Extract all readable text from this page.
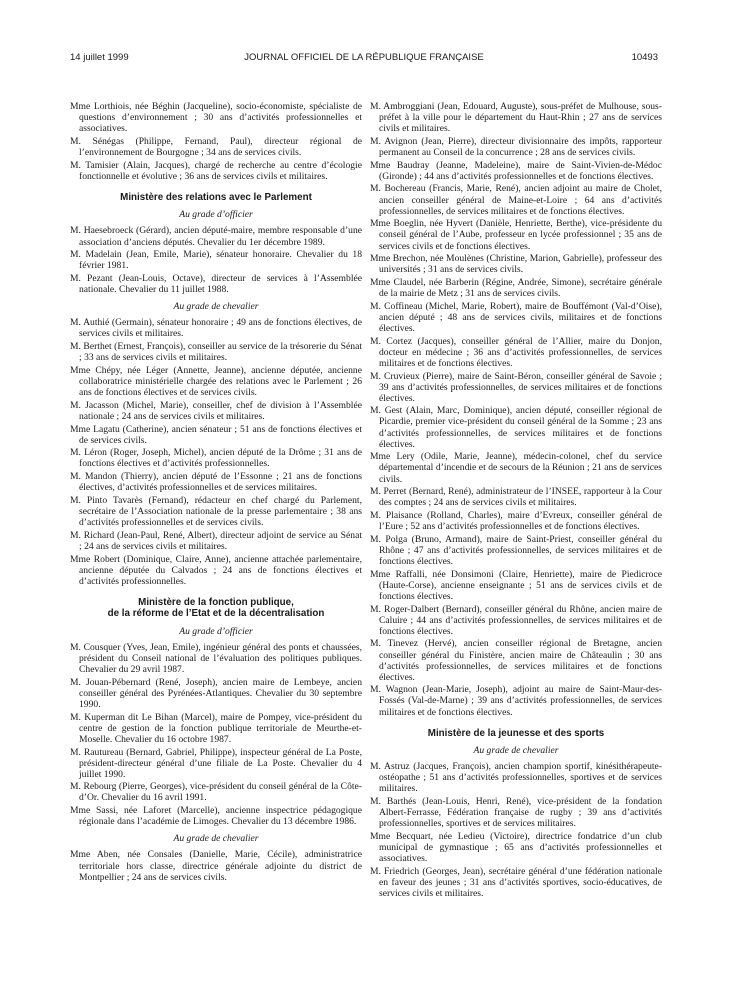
14 juillet 1999	JOURNAL OFFICIEL DE LA RÉPUBLIQUE FRANÇAISE	10493

Mme Lorthiois, née Béghin (Jacqueline), socio-économiste, spécialiste de questions d’environnement ; 30 ans d’activités professionnelles et associatives.

M. Sénégas (Philippe, Fernand, Paul), directeur régional de l’environnement de Bourgogne ; 34 ans de services civils.

M. Tamisier (Alain, Jacques), chargé de recherche au centre d’écologie fonctionnelle et évolutive ; 36 ans de services civils et militaires.

Ministère des relations avec le Parlement
Au grade d’officier

M. Haesebroeck (Gérard), ancien député-maire, membre responsable d’une association d’anciens députés. Chevalier du 1er décembre 1989.

M. Madelain (Jean, Emile, Marie), sénateur honoraire. Chevalier du 18 février 1981.

M. Pezant (Jean-Louis, Octave), directeur de services à l’Assemblée nationale. Chevalier du 11 juillet 1988.

Au grade de chevalier

M. Authié (Germain), sénateur honoraire ; 49 ans de fonctions électives, de services civils et militaires.

M. Berthet (Ernest, François), conseiller au service de la trésorerie du Sénat ; 33 ans de services civils et militaires.

Mme Chépy, née Léger (Annette, Jeanne), ancienne députée, ancienne collaboratrice ministérielle chargée des relations avec le Parlement ; 26 ans de fonctions électives et de services civils.

M. Jacasson (Michel, Marie), conseiller, chef de division à l’Assemblée nationale ; 24 ans de services civils et militaires.

Mme Lagatu (Catherine), ancien sénateur ; 51 ans de fonctions électives et de services civils.

M. Léron (Roger, Joseph, Michel), ancien député de la Drôme ; 31 ans de fonctions électives et d’activités professionnelles.

M. Mandon (Thierry), ancien député de l’Essonne ; 21 ans de fonctions électives, d’activités professionnelles et de services militaires.

M. Pinto Tavarès (Fernand), rédacteur en chef chargé du Parlement, secrétaire de l’Association nationale de la presse parlementaire ; 38 ans d’activités professionnelles et de services civils.

M. Richard (Jean-Paul, René, Albert), directeur adjoint de service au Sénat ; 24 ans de services civils et militaires.

Mme Robert (Dominique, Claire, Anne), ancienne attachée parlementaire, ancienne députée du Calvados ; 24 ans de fonctions électives et d’activités professionnelles.

Ministère de la fonction publique,
de la réforme de l’Etat et de la décentralisation
Au grade d’officier

M. Cousquer (Yves, Jean, Emile), ingénieur général des ponts et chaussées, président du Conseil national de l’évaluation des politiques publiques. Chevalier du 29 avril 1987.

M. Jouan-Pébernard (René, Joseph), ancien maire de Lembeye, ancien conseiller général des Pyrénées-Atlantiques. Chevalier du 30 septembre 1990.

M. Kuperman dit Le Bihan (Marcel), maire de Pompey, vice-président du centre de gestion de la fonction publique territoriale de Meurthe-et-Moselle. Chevalier du 16 octobre 1987.

M. Rautureau (Bernard, Gabriel, Philippe), inspecteur général de La Poste, président-directeur général d’une filiale de La Poste. Chevalier du 4 juillet 1990.

M. Rebourg (Pierre, Georges), vice-président du conseil général de la Côte-d’Or. Chevalier du 16 avril 1991.

Mme Sassi, née Laforet (Marcelle), ancienne inspectrice pédagogique régionale dans l’académie de Limoges. Chevalier du 13 décembre 1986.

Au grade de chevalier

Mme Aben, née Consales (Danielle, Marie, Cécile), administratrice territoriale hors classe, directrice générale adjointe du district de Montpellier ; 24 ans de services civils.

M. Ambroggiani (Jean, Edouard, Auguste), sous-préfet de Mulhouse, sous-préfet à la ville pour le département du Haut-Rhin ; 27 ans de services civils et militaires.

M. Avignon (Jean, Pierre), directeur divisionnaire des impôts, rapporteur permanent au Conseil de la concurrence ; 28 ans de services civils.

Mme Baudray (Jeanne, Madeleine), maire de Saint-Vivien-de-Médoc (Gironde) ; 44 ans d’activités professionnelles et de fonctions électives.

M. Bochereau (Francis, Marie, René), ancien adjoint au maire de Cholet, ancien conseiller général de Maine-et-Loire ; 64 ans d’activités professionnelles, de services militaires et de fonctions électives.

Mme Boeglin, née Hyvert (Danièle, Henriette, Berthe), vice-présidente du conseil général de l’Aube, professeur en lycée professionnel ; 35 ans de services civils et de fonctions électives.

Mme Brechon, née Moulènes (Christine, Marion, Gabrielle), professeur des universités ; 31 ans de services civils.

Mme Claudel, née Barberin (Régine, Andrée, Simone), secrétaire générale de la mairie de Metz ; 31 ans de services civils.

M. Coffineau (Michel, Marie, Robert), maire de Bouffémont (Val-d’Oise), ancien député ; 48 ans de services civils, militaires et de fonctions électives.

M. Cortez (Jacques), conseiller général de l’Allier, maire du Donjon, docteur en médecine ; 36 ans d’activités professionnelles, de services militaires et de fonctions électives.

M. Cruvieux (Pierre), maire de Saint-Béron, conseiller général de Savoie ; 39 ans d’activités professionnelles, de services militaires et de fonctions électives.

M. Gest (Alain, Marc, Dominique), ancien député, conseiller régional de Picardie, premier vice-président du conseil général de la Somme ; 23 ans d’activités professionnelles, de services militaires et de fonctions électives.

Mme Lery (Odile, Marie, Jeanne), médecin-colonel, chef du service départemental d’incendie et de secours de la Réunion ; 21 ans de services civils.

M. Perret (Bernard, René), administrateur de l’INSEE, rapporteur à la Cour des comptes ; 24 ans de services civils et militaires.

M. Plaisance (Rolland, Charles), maire d’Evreux, conseiller général de l’Eure ; 52 ans d’activités professionnelles et de fonctions électives.

M. Polga (Bruno, Armand), maire de Saint-Priest, conseiller général du Rhône ; 47 ans d’activités professionnelles, de services militaires et de fonctions électives.

Mme Raffalli, née Donsimoni (Claire, Henriette), maire de Piedicroce (Haute-Corse), ancienne enseignante ; 51 ans de services civils et de fonctions électives.

M. Roger-Dalbert (Bernard), conseiller général du Rhône, ancien maire de Caluire ; 44 ans d’activités professionnelles, de services militaires et de fonctions électives.

M. Tinevez (Hervé), ancien conseiller régional de Bretagne, ancien conseiller général du Finistère, ancien maire de Châteaulin ; 30 ans d’activités professionnelles, de services militaires et de fonctions électives.

M. Wagnon (Jean-Marie, Joseph), adjoint au maire de Saint-Maur-des-Fossés (Val-de-Marne) ; 39 ans d’activités professionnelles, de services militaires et de fonctions électives.

Ministère de la jeunesse et des sports
Au grade de chevalier

M. Astruz (Jacques, François), ancien champion sportif, kinésithérapeute-ostéopathe ; 51 ans d’activités professionnelles, sportives et de services militaires.

M. Barthés (Jean-Louis, Henri, René), vice-président de la fondation Albert-Ferrasse, Fédération française de rugby ; 39 ans d’activités professionnelles, sportives et de services militaires.

Mme Becquart, née Ledieu (Victoire), directrice fondatrice d’un club municipal de gymnastique ; 65 ans d’activités professionnelles et associatives.

M. Friedrich (Georges, Jean), secrétaire général d’une fédération nationale en faveur des jeunes ; 31 ans d’activités sportives, socio-éducatives, de services civils et militaires.
